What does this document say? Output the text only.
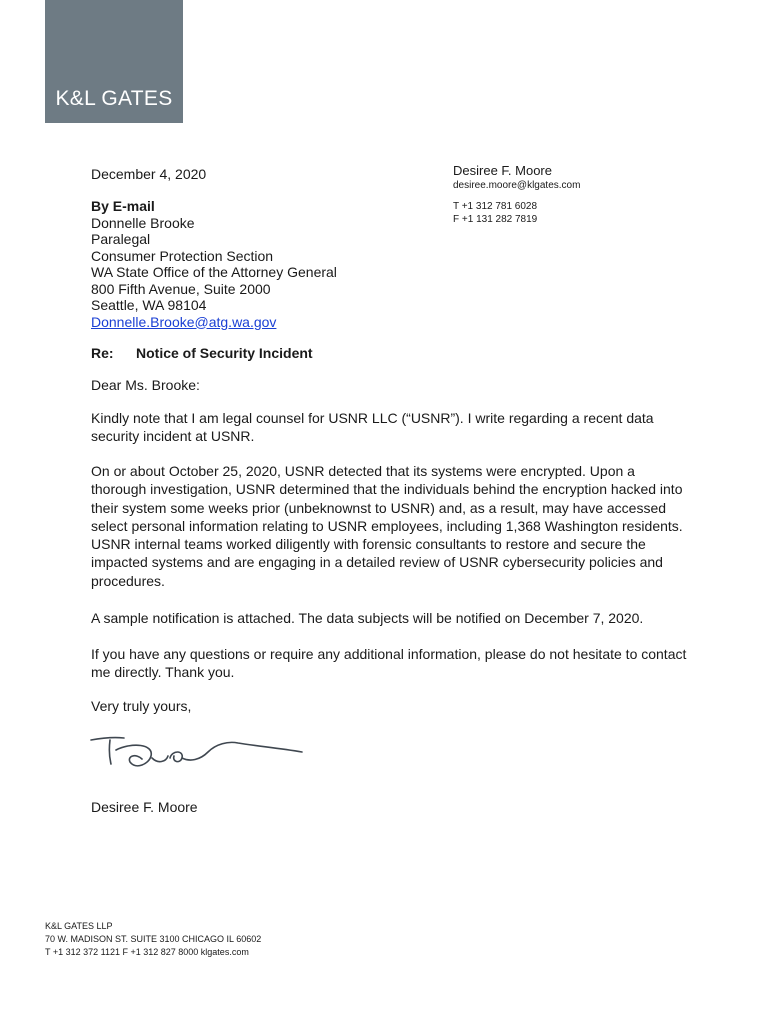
K&L GATES
December 4, 2020	Desiree F. Moore
desiree.moore@klgates.com
T +1 312 781 6028
F +1 131 282 7819
By E-mail
Donnelle Brooke
Paralegal
Consumer Protection Section
WA State Office of the Attorney General
800 Fifth Avenue, Suite 2000
Seattle, WA 98104
Donnelle.Brooke@atg.wa.gov
Re: Notice of Security Incident

Dear Ms. Brooke:

Kindly note that I am legal counsel for USNR LLC (“USNR”). I write regarding a recent data security incident at USNR.

On or about October 25, 2020, USNR detected that its systems were encrypted. Upon a thorough investigation, USNR determined that the individuals behind the encryption hacked into their system some weeks prior (unbeknownst to USNR) and, as a result, may have accessed select personal information relating to USNR employees, including 1,368 Washington residents. USNR internal teams worked diligently with forensic consultants to restore and secure the impacted systems and are engaging in a detailed review of USNR cybersecurity policies and procedures.

A sample notification is attached. The data subjects will be notified on December 7, 2020.

If you have any questions or require any additional information, please do not hesitate to contact me directly. Thank you.

Very truly yours,

Desiree F. Moore
K&L GATES LLP
70 W. MADISON ST. SUITE 3100 CHICAGO IL 60602
T +1 312 372 1121 F +1 312 827 8000 klgates.com
